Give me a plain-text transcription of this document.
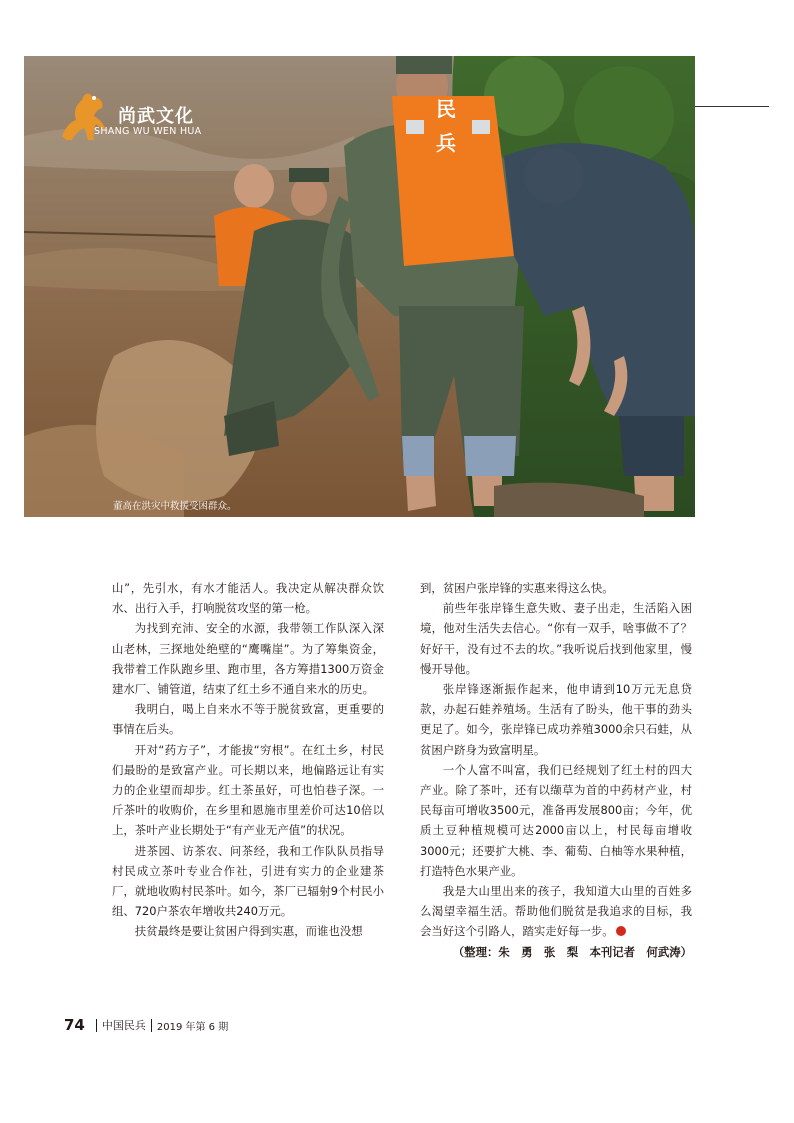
民兵
尚武文化
SHANG WU WEN HUA
董高在洪灾中救援受困群众。

山”，先引水，有水才能活人。我决定从解决群众饮水、出行入手，打响脱贫攻坚的第一枪。

为找到充沛、安全的水源，我带领工作队深入深山老林，三探地处绝壁的“鹰嘴崖”。为了筹集资金，我带着工作队跑乡里、跑市里，各方筹措1300万资金建水厂、铺管道，结束了红土乡不通自来水的历史。

我明白，喝上自来水不等于脱贫致富，更重要的事情在后头。

开对“药方子”，才能拔“穷根”。在红土乡，村民们最盼的是致富产业。可长期以来，地偏路远让有实力的企业望而却步。红土茶虽好，可也怕巷子深。一斤茶叶的收购价，在乡里和恩施市里差价可达10倍以上，茶叶产业长期处于“有产业无产值”的状况。

进茶园、访茶农、问茶经，我和工作队队员指导村民成立茶叶专业合作社，引进有实力的企业建茶厂，就地收购村民茶叶。如今，茶厂已辐射9个村民小组、720户茶农年增收共240万元。

扶贫最终是要让贫困户得到实惠，而谁也没想

到，贫困户张岸锋的实惠来得这么快。

前些年张岸锋生意失败、妻子出走，生活陷入困境，他对生活失去信心。“你有一双手，啥事做不了？好好干，没有过不去的坎。”我听说后找到他家里，慢慢开导他。

张岸锋逐渐振作起来，他申请到10万元无息贷款，办起石蛙养殖场。生活有了盼头，他干事的劲头更足了。如今，张岸锋已成功养殖3000余只石蛙，从贫困户跻身为致富明星。

一个人富不叫富，我们已经规划了红土村的四大产业。除了茶叶，还有以缬草为首的中药材产业，村民每亩可增收3500元，准备再发展800亩；今年，优质土豆种植规模可达2000亩以上，村民每亩增收3000元；还要扩大桃、李、葡萄、白柚等水果种植，打造特色水果产业。

我是大山里出来的孩子，我知道大山里的百姓多么渴望幸福生活。帮助他们脱贫是我追求的目标，我会当好这个引路人，踏实走好每一步。

（整理：朱　勇　张　梨　本刊记者　何武涛）
74 中国民兵 2019 年第 6 期
